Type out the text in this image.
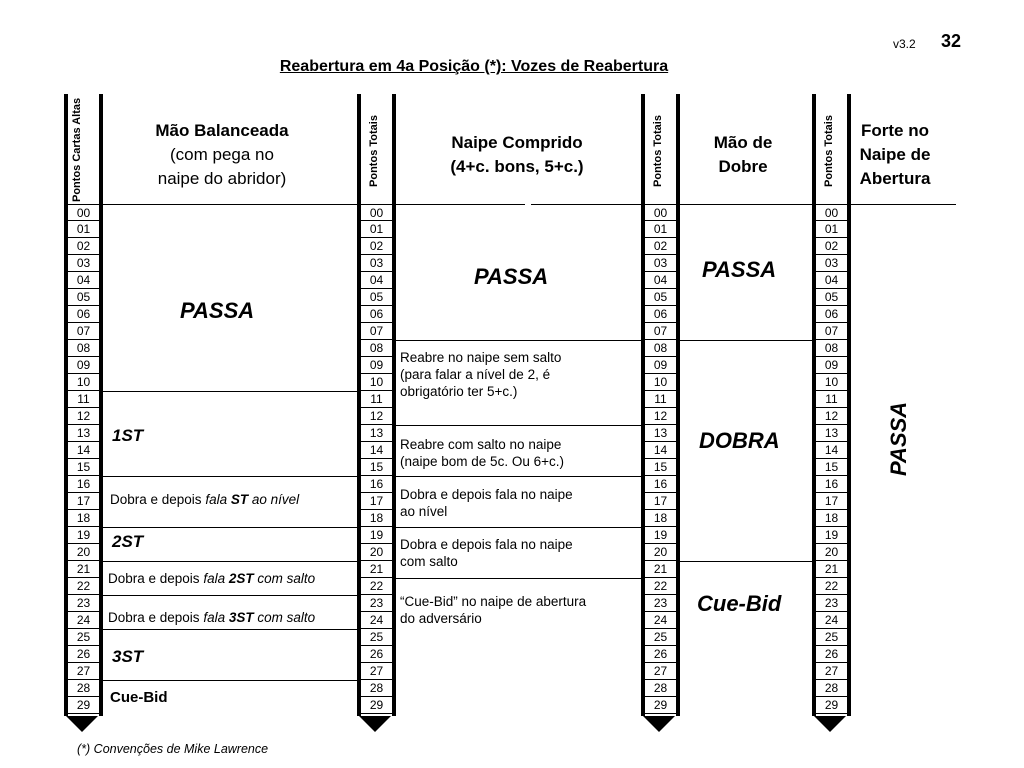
v3.2 32
Reabertura em 4a Posição (*): Vozes de Reabertura
Pontos Cartas Altas
00
01
02
03
04
05
06
07
08
09
10
11
12
13
14
15
16
17
18
19
20
21
22
23
24
25
26
27
28
29
Pontos Totais
00
01
02
03
04
05
06
07
08
09
10
11
12
13
14
15
16
17
18
19
20
21
22
23
24
25
26
27
28
29
Pontos Totais
00
01
02
03
04
05
06
07
08
09
10
11
12
13
14
15
16
17
18
19
20
21
22
23
24
25
26
27
28
29
Pontos Totais
00
01
02
03
04
05
06
07
08
09
10
11
12
13
14
15
16
17
18
19
20
21
22
23
24
25
26
27
28
29
Mão Balanceada
(com pega no
naipe do abridor)
Naipe Comprido
(4+c. bons, 5+c.)
Mão de
Dobre
Forte no
Naipe de
Abertura
PASSA
1ST
Dobra e depois fala ST ao nível
2ST
Dobra e depois fala 2ST com salto
Dobra e depois fala 3ST com salto
3ST
Cue-Bid
PASSA
Reabre no naipe sem salto
(para falar a nível de 2, é
obrigatório ter 5+c.)
Reabre com salto no naipe
(naipe bom de 5c. Ou 6+c.)
Dobra e depois fala no naipe
ao nível
Dobra e depois fala no naipe
com salto
“Cue-Bid” no naipe de abertura
do adversário
PASSA
DOBRA
Cue-Bid
PASSA
(*) Convenções de Mike Lawrence
